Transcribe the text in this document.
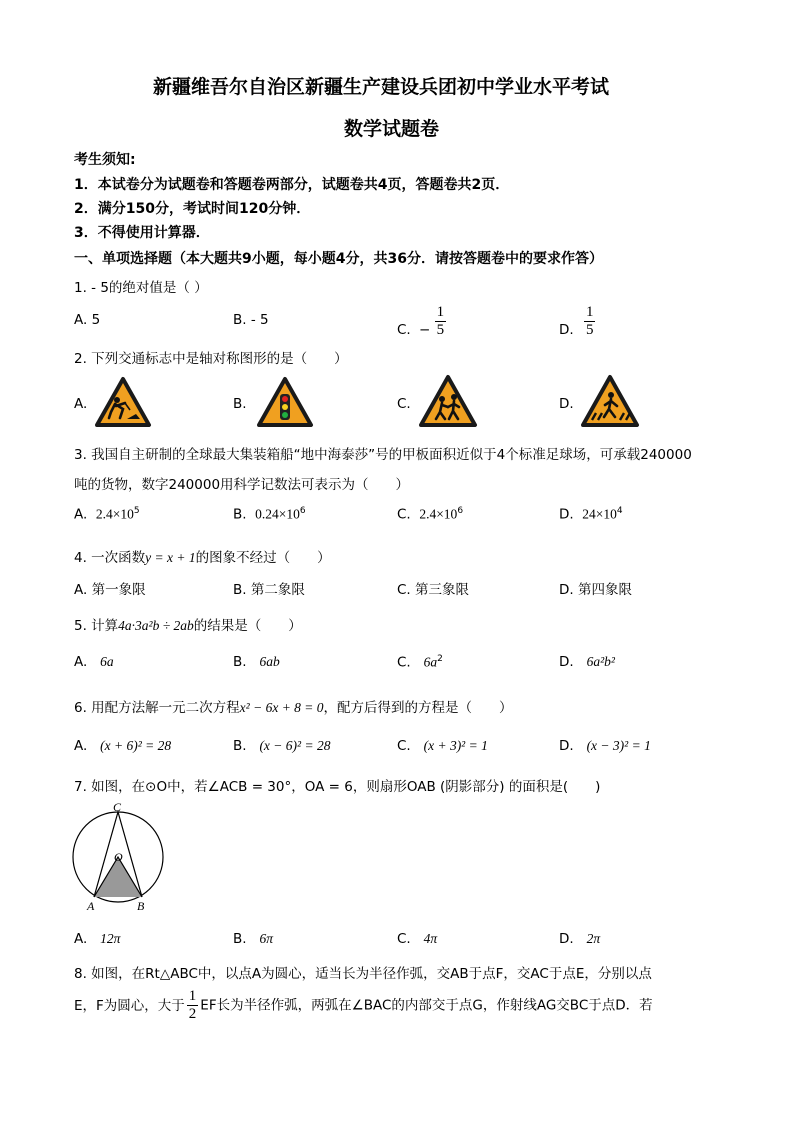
新疆维吾尔自治区新疆生产建设兵团初中学业水平考试
数学试题卷
考生须知:
1．本试卷分为试题卷和答题卷两部分，试题卷共4页，答题卷共2页．
2．满分150分，考试时间120分钟．
3．不得使用计算器．
一、单项选择题（本大题共9小题，每小题4分，共36分．请按答题卷中的要求作答）
1. - 5的绝对值是（ ）
A. 5	B. - 5
C. − $\frac{1}{5}$	D. $\frac{1}{5}$
2. 下列交通标志中是轴对称图形的是（　　）
A.	B.	C.	D.
3. 我国自主研制的全球最大集装箱船“地中海泰莎”号的甲板面积近似于4个标准足球场，可承载240000
吨的货物，数字240000用科学记数法可表示为（　　）
A. $2.4\times 10^5$	B. $0.24\times 10^6$	C. $2.4\times 10^6$	D. $24\times 10^4$
4. 一次函数y = x + 1的图象不经过（　　）
A. 第一象限	B. 第二象限	C. 第三象限	D. 第四象限
5. 计算4a·3a²b ÷ 2ab的结果是（　　）
A. 6a	B. 6ab	C. $6a^2$	D. 6a²b²
6. 用配方法解一元二次方程x² − 6x + 8 = 0，配方后得到的方程是（　　）
A. (x + 6)² = 28	B. (x − 6)² = 28	C. (x + 3)² = 1	D. (x − 3)² = 1
7. 如图，在⊙O中，若∠ACB = 30°，OA = 6，则扇形OAB (阴影部分) 的面积是(　　)
C
O
A	B
A. 12π	B. 6π	C. 4π	D. 2π
8. 如图，在Rt△ABC中，以点A为圆心，适当长为半径作弧，交AB于点F，交AC于点E，分别以点
E，F为圆心，大于 $\frac{1}{2}$ EF长为半径作弧，两弧在∠BAC的内部交于点G，作射线AG交BC于点D．若
